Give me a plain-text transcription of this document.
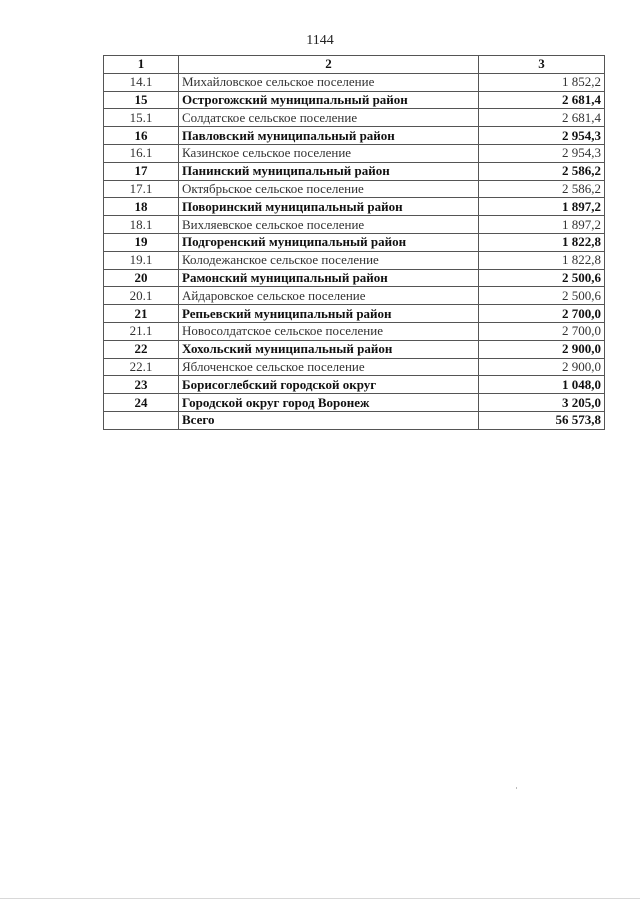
1144
1	2	3
14.1	Михайловское сельское поселение	1 852,2
15	Острогожский муниципальный район	2 681,4
15.1	Солдатское сельское поселение	2 681,4
16	Павловский муниципальный район	2 954,3
16.1	Казинское сельское поселение	2 954,3
17	Панинский муниципальный район	2 586,2
17.1	Октябрьское сельское поселение	2 586,2
18	Поворинский муниципальный район	1 897,2
18.1	Вихляевское сельское поселение	1 897,2
19	Подгоренский муниципальный район	1 822,8
19.1	Колодежанское сельское поселение	1 822,8
20	Рамонский муниципальный район	2 500,6
20.1	Айдаровское сельское поселение	2 500,6
21	Репьевский муниципальный район	2 700,0
21.1	Новосолдатское сельское поселение	2 700,0
22	Хохольский муниципальный район	2 900,0
22.1	Яблоченское сельское поселение	2 900,0
23	Борисоглебский городской округ	1 048,0
24	Городской округ город Воронеж	3 205,0
	Всего	56 573,8
